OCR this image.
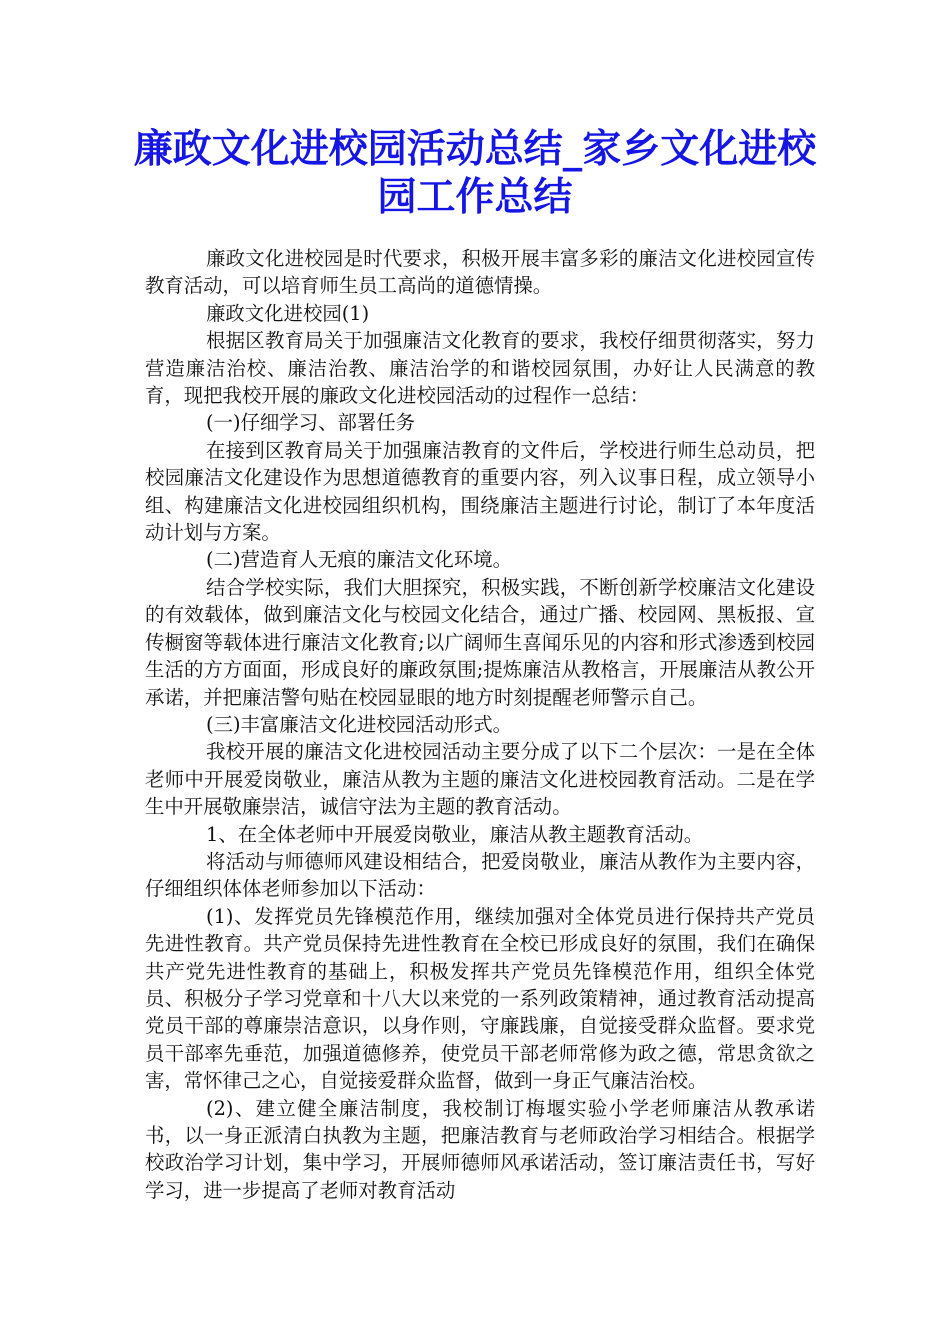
廉政文化进校园活动总结_家乡文化进校园工作总结

廉政文化进校园是时代要求，积极开展丰富多彩的廉洁文化进校园宣传教育活动，可以培育师生员工高尚的道德情操。

廉政文化进校园(1)

根据区教育局关于加强廉洁文化教育的要求，我校仔细贯彻落实，努力营造廉洁治校、廉洁治教、廉洁治学的和谐校园氛围，办好让人民满意的教育，现把我校开展的廉政文化进校园活动的过程作一总结：

(一)仔细学习、部署任务

在接到区教育局关于加强廉洁教育的文件后，学校进行师生总动员，把校园廉洁文化建设作为思想道德教育的重要内容，列入议事日程，成立领导小组、构建廉洁文化进校园组织机构，围绕廉洁主题进行讨论，制订了本年度活动计划与方案。

(二)营造育人无痕的廉洁文化环境。

结合学校实际，我们大胆探究，积极实践，不断创新学校廉洁文化建设的有效载体，做到廉洁文化与校园文化结合，通过广播、校园网、黑板报、宣传橱窗等载体进行廉洁文化教育;以广阔师生喜闻乐见的内容和形式渗透到校园生活的方方面面，形成良好的廉政氛围;提炼廉洁从教格言，开展廉洁从教公开承诺，并把廉洁警句贴在校园显眼的地方时刻提醒老师警示自己。

(三)丰富廉洁文化进校园活动形式。

我校开展的廉洁文化进校园活动主要分成了以下二个层次：一是在全体老师中开展爱岗敬业，廉洁从教为主题的廉洁文化进校园教育活动。二是在学生中开展敬廉崇洁，诚信守法为主题的教育活动。

1、在全体老师中开展爱岗敬业，廉洁从教主题教育活动。

将活动与师德师风建设相结合，把爱岗敬业，廉洁从教作为主要内容，仔细组织体体老师参加以下活动：

(1)、发挥党员先锋模范作用，继续加强对全体党员进行保持共产党员先进性教育。共产党员保持先进性教育在全校已形成良好的氛围，我们在确保共产党先进性教育的基础上，积极发挥共产党员先锋模范作用，组织全体党员、积极分子学习党章和十八大以来党的一系列政策精神，通过教育活动提高党员干部的尊廉崇洁意识，以身作则，守廉践廉，自觉接受群众监督。要求党员干部率先垂范，加强道德修养，使党员干部老师常修为政之德，常思贪欲之害，常怀律己之心，自觉接爱群众监督，做到一身正气廉洁治校。

(2)、建立健全廉洁制度，我校制订梅堰实验小学老师廉洁从教承诺书，以一身正派清白执教为主题，把廉洁教育与老师政治学习相结合。根据学校政治学习计划，集中学习，开展师德师风承诺活动，签订廉洁责任书，写好学习，进一步提高了老师对教育活动
